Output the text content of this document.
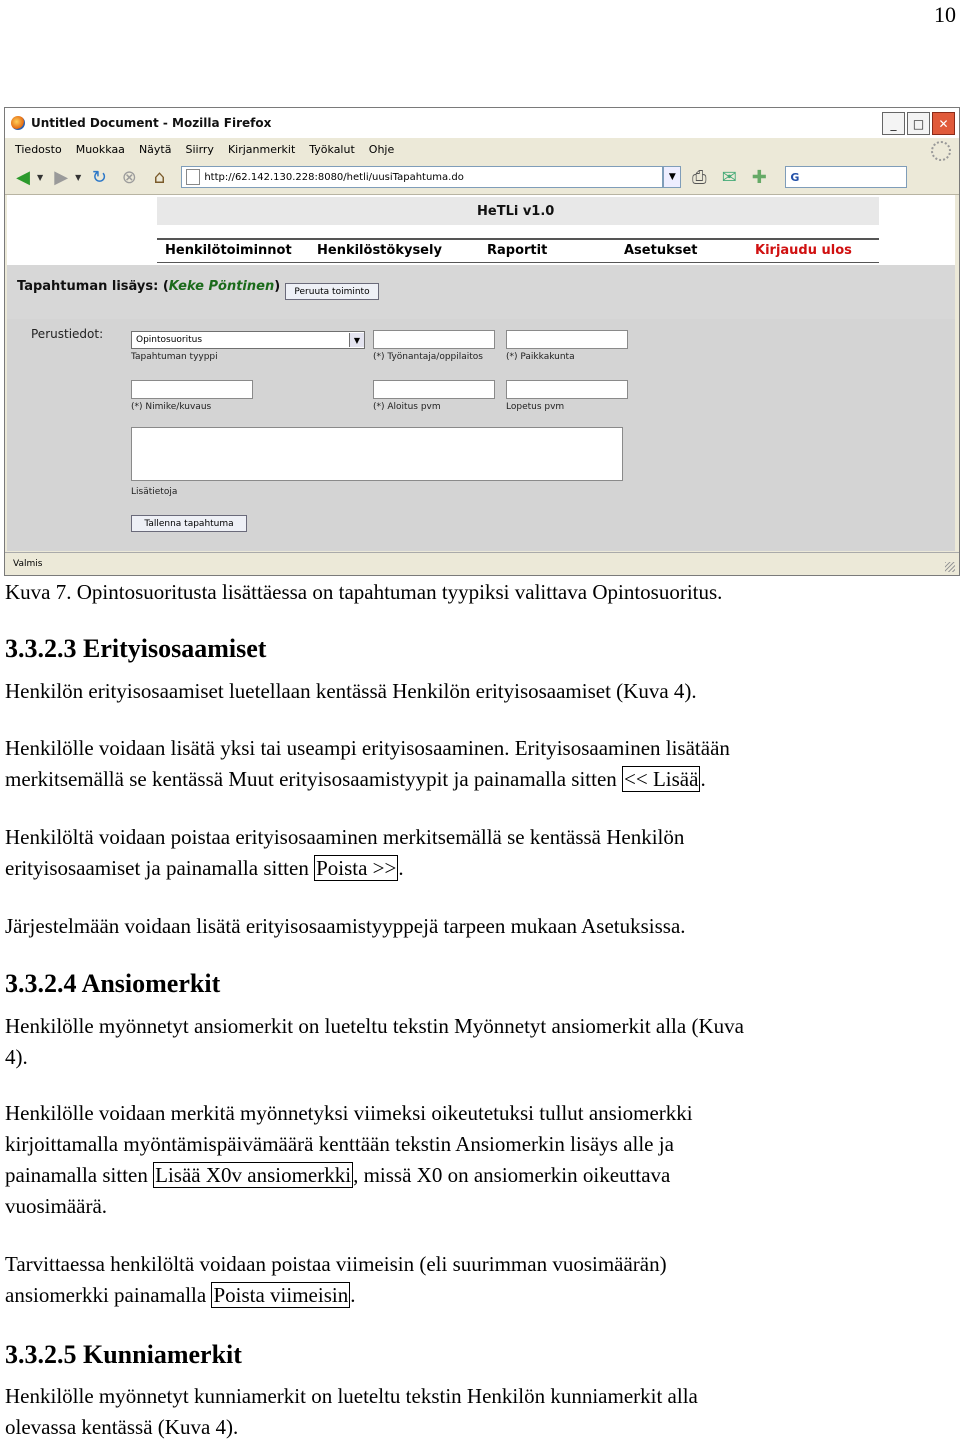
10
Untitled Document - Mozilla Firefox	_	□	✕
Tiedosto Muokkaa Näytä Siirry Kirjanmerkit Työkalut Ohje
◀ ▼ ▶ ▼ ↻ ⊗ ⌂	http://62.142.130.228:8080/hetli/uusiTapahtuma.do	▼ ⎙ ✉ ✚	G
HeTLi v1.0
Henkilötoiminnot Henkilöstökysely	Raportit	Asetukset	Kirjaudu ulos
Tapahtuman lisäys: (Keke Pöntinen)	Peruuta toiminto
Perustiedot:	Opintosuoritus	▼
Tapahtuman tyyppi	(*) Työnantaja/oppilaitos	(*) Paikkakunta
(*) Nimike/kuvaus	(*) Aloitus pvm	Lopetus pvm
Lisätietoja
Tallenna tapahtuma
Valmis
Kuva 7. Opintosuoritusta lisättäessa on tapahtuman tyypiksi valittava Opintosuoritus.
3.3.2.3 Erityisosaamiset
Henkilön erityisosaamiset luetellaan kentässä Henkilön erityisosaamiset (Kuva 4).
Henkilölle voidaan lisätä yksi tai useampi erityisosaaminen. Erityisosaaminen lisätään
merkitsemällä se kentässä Muut erityisosaamistyypit ja painamalla sitten << Lisää.
Henkilöltä voidaan poistaa erityisosaaminen merkitsemällä se kentässä Henkilön
erityisosaamiset ja painamalla sitten Poista >>.
Järjestelmään voidaan lisätä erityisosaamistyyppejä tarpeen mukaan Asetuksissa.
3.3.2.4 Ansiomerkit
Henkilölle myönnetyt ansiomerkit on lueteltu tekstin Myönnetyt ansiomerkit alla (Kuva
4).
Henkilölle voidaan merkitä myönnetyksi viimeksi oikeutetuksi tullut ansiomerkki
kirjoittamalla myöntämispäivämäärä kenttään tekstin Ansiomerkin lisäys alle ja
painamalla sitten Lisää X0v ansiomerkki, missä X0 on ansiomerkin oikeuttava
vuosimäärä.
Tarvittaessa henkilöltä voidaan poistaa viimeisin (eli suurimman vuosimäärän)
ansiomerkki painamalla Poista viimeisin.
3.3.2.5 Kunniamerkit
Henkilölle myönnetyt kunniamerkit on lueteltu tekstin Henkilön kunniamerkit alla
olevassa kentässä (Kuva 4).
